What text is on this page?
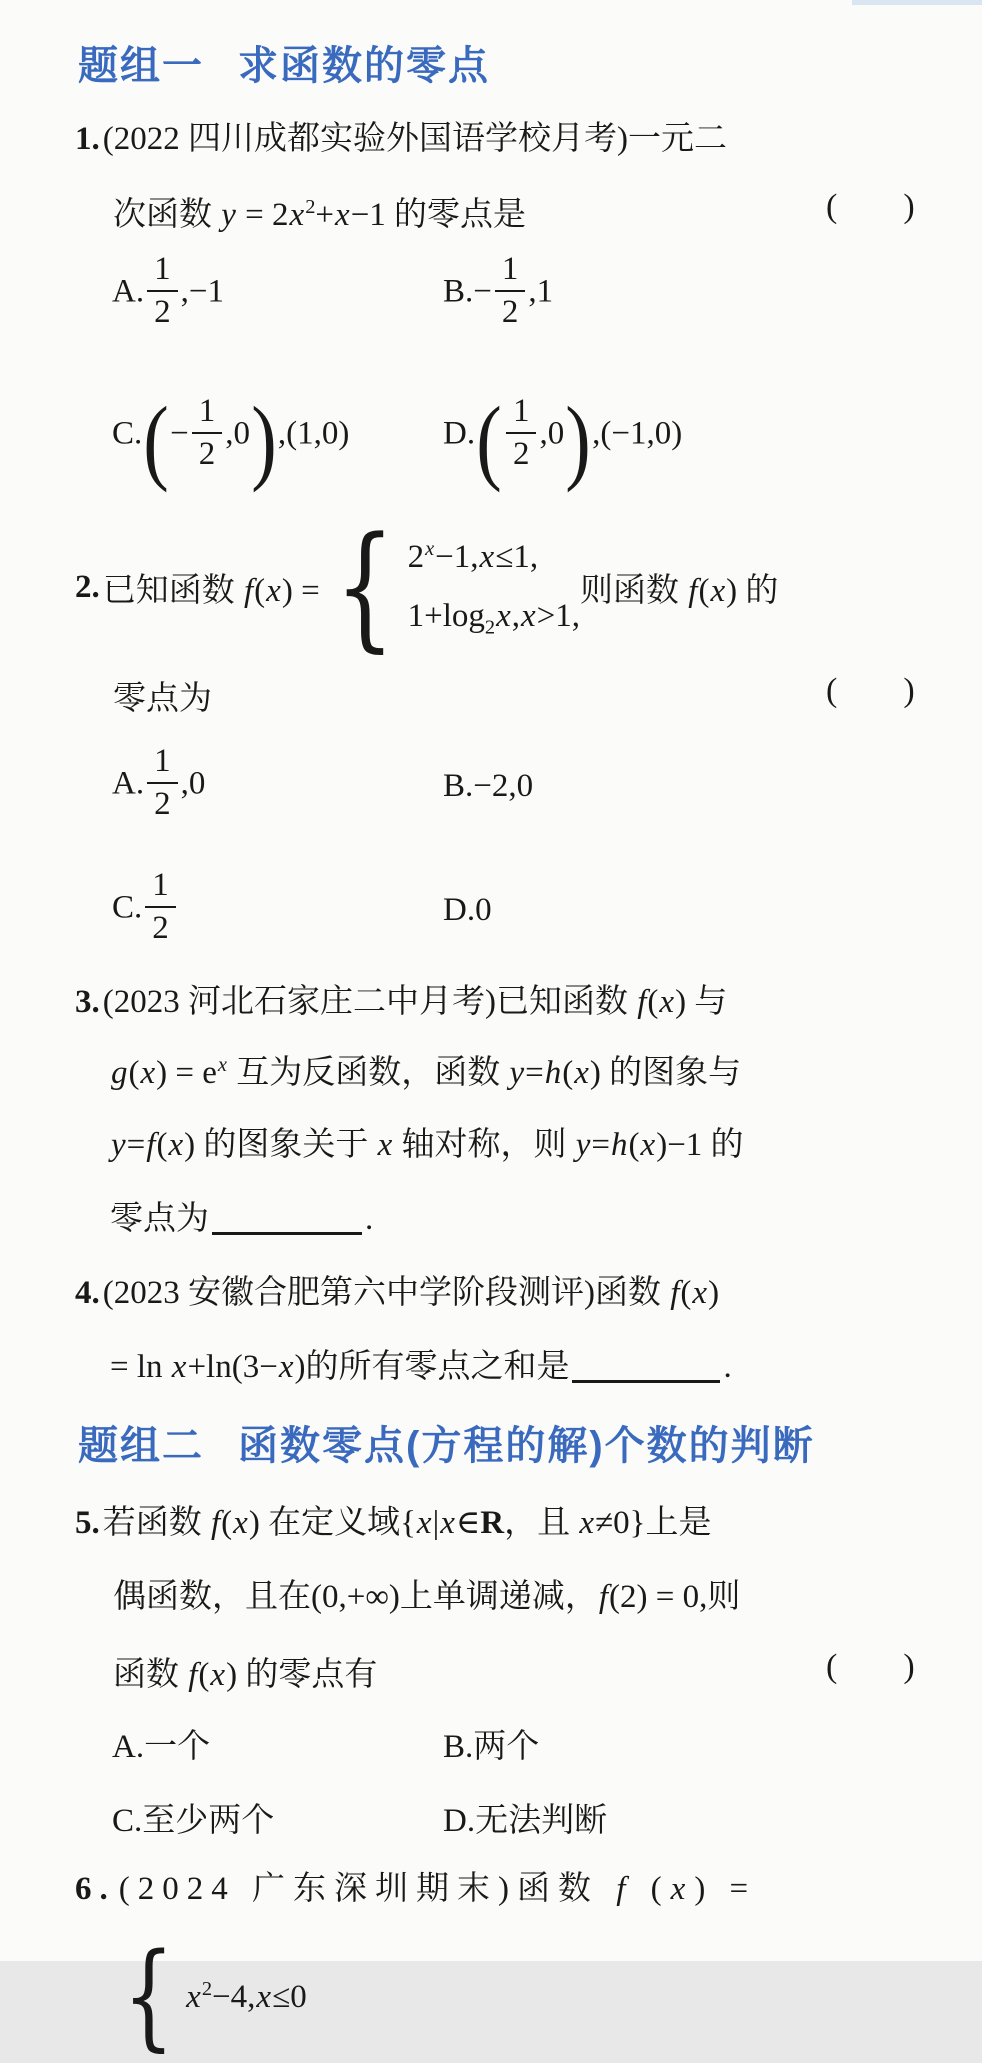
题组一 求函数的零点
1.(2022 四川成都实验外国语学校月考)一元二
次函数 $y = 2x^2+x-1$ 的零点是	( )
A. $\frac{1}{2} ,-1$	$B.- \frac{1}{2} ,1$
$C.(- \frac{1}{2} ,0),(1,0)$	$D.( \frac{1}{2} ,0),(-1,0)$
2. 已知函数 f(x) = { $2^x-1,x\le 1$,
$1+\log_2x,x>1$,
则函数 f(x) 的
零点为	( )
A. $\frac{1}{2} ,0$	B.−2,0
C. $\frac{1}{2}$	D.0
3.(2023 河北石家庄二中月考)已知函数 f(x) 与
$g(x) = e^x$ 互为反函数，函数 y=h(x) 的图象与
y=f(x) 的图象关于 x 轴对称，则 y=h(x)−1 的
零点为	.
4.(2023 安徽合肥第六中学阶段测评)函数 f(x)
= ln x+ln(3−x)的所有零点之和是	.
题组二 函数零点(方程的解)个数的判断
5.若函数 f(x) 在定义域{x|x∈R，且 x≠0}上是
偶函数，且在(0,+∞)上单调递减，f(2) = 0,则
函数 f(x) 的零点有	( )
A.一个	B.两个
C.至少两个	D.无法判断
6.(2024 广东深圳期末)函数 f (x) =
{ $x^2-4,x\le 0$
